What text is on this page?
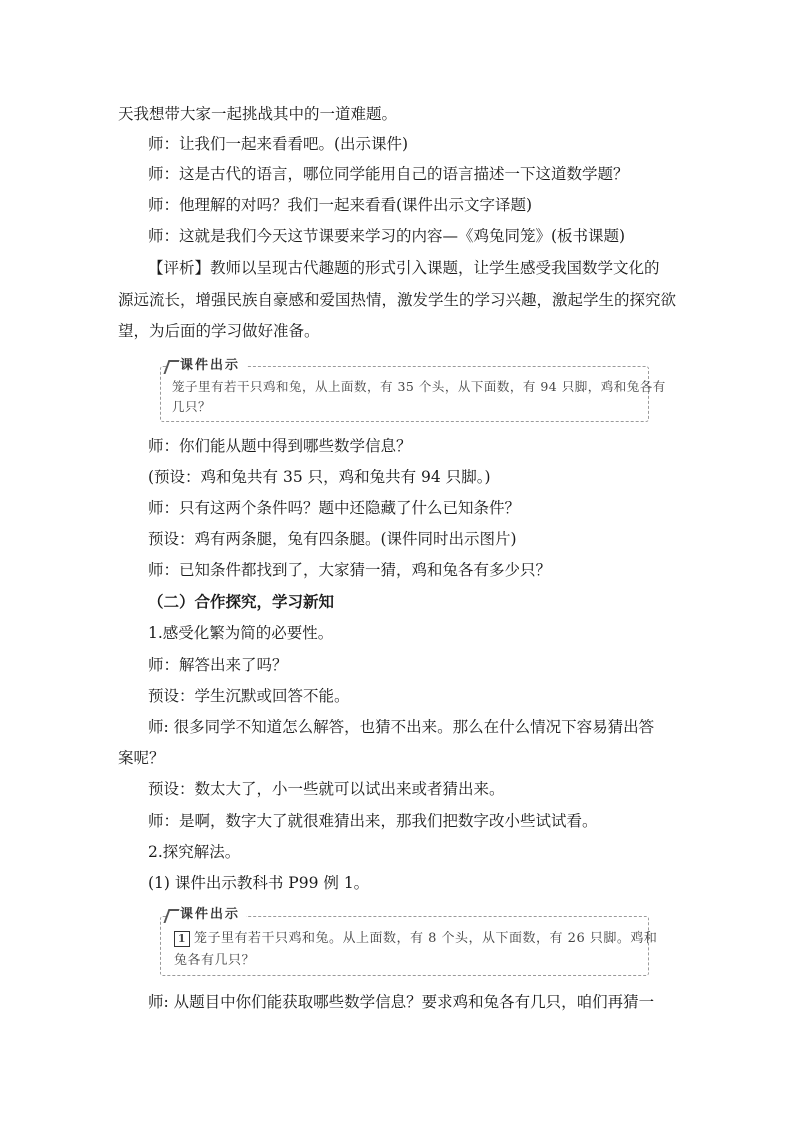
天我想带大家一起挑战其中的一道难题。
师：让我们一起来看看吧。(出示课件)
师：这是古代的语言，哪位同学能用自己的语言描述一下这道数学题？
师：他理解的对吗？我们一起来看看(课件出示文字译题)
师：这就是我们今天这节课要来学习的内容—《鸡兔同笼》(板书课题)
【评析】教师以呈现古代趣题的形式引入课题，让学生感受我国数学文化的
源远流长，增强民族自豪感和爱国热情，激发学生的学习兴趣，激起学生的探究欲
望，为后面的学习做好准备。
课件出示
笼子里有若干只鸡和兔，从上面数，有 35 个头，从下面数，有 94 只脚，鸡和兔各有
几只？
师：你们能从题中得到哪些数学信息？
(预设：鸡和兔共有 35 只，鸡和兔共有 94 只脚。)
师：只有这两个条件吗？题中还隐藏了什么已知条件？
预设：鸡有两条腿，兔有四条腿。(课件同时出示图片)
师：已知条件都找到了，大家猜一猜，鸡和兔各有多少只？
（二）合作探究，学习新知
1.感受化繁为简的必要性。
师：解答出来了吗？
预设：学生沉默或回答不能。
师: 很多同学不知道怎么解答，也猜不出来。那么在什么情况下容易猜出答
案呢？
预设：数太大了，小一些就可以试出来或者猜出来。
师：是啊，数字大了就很难猜出来，那我们把数字改小些试试看。
2.探究解法。
(1) 课件出示教科书 P99 例 1。
课件出示
1 笼子里有若干只鸡和兔。从上面数，有 8 个头，从下面数，有 26 只脚。鸡和
兔各有几只？
师: 从题目中你们能获取哪些数学信息？要求鸡和兔各有几只，咱们再猜一
